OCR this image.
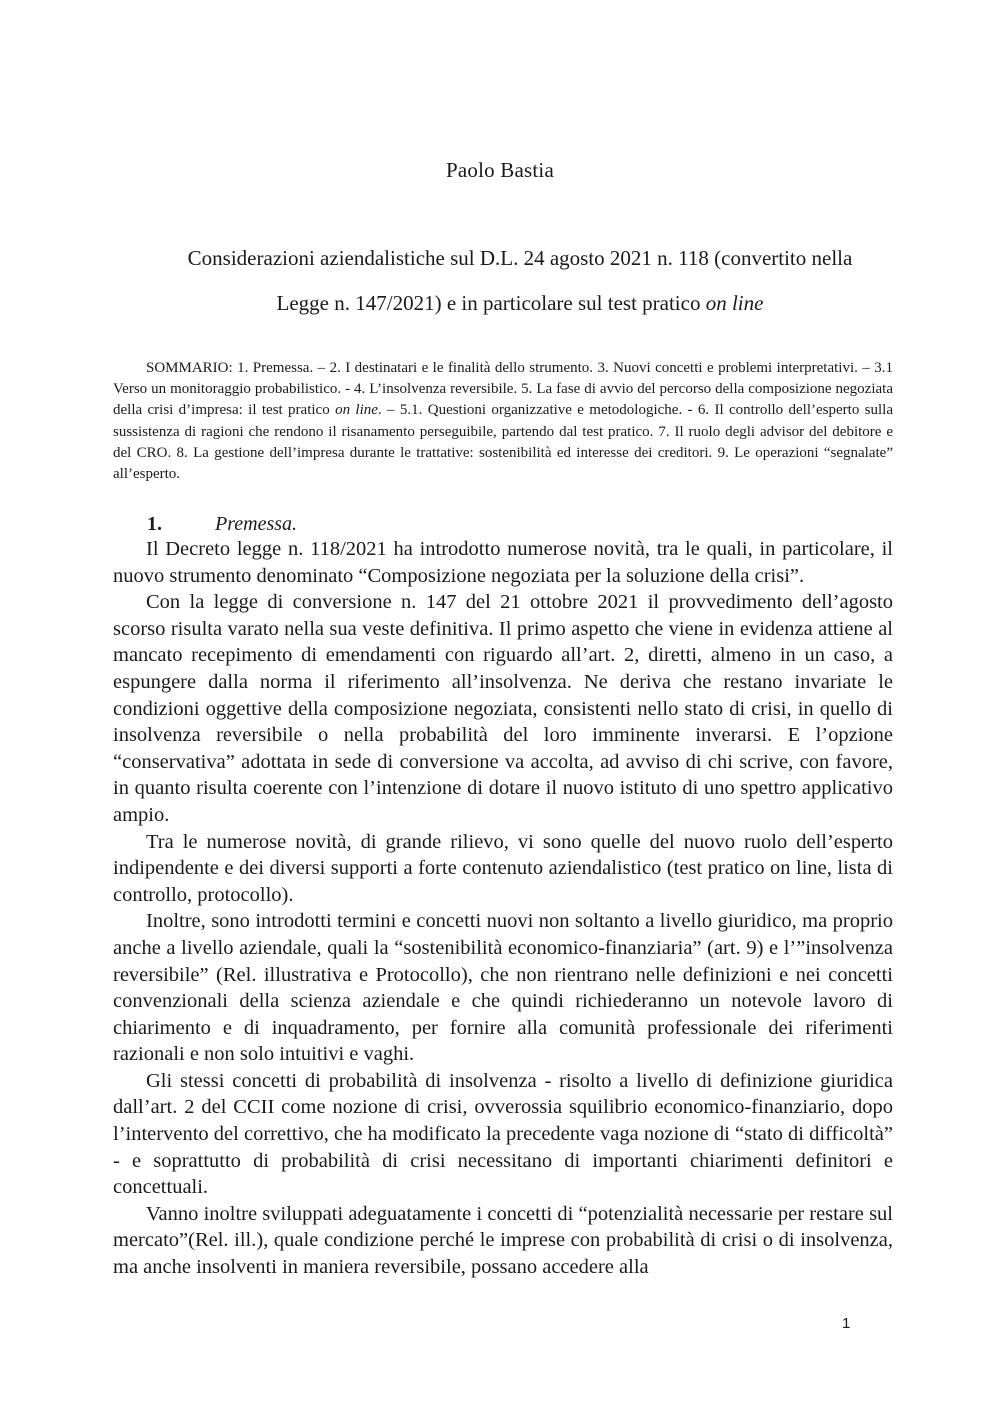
Paolo Bastia
Considerazioni aziendalistiche sul D.L. 24 agosto 2021 n. 118 (convertito nella
Legge n. 147/2021) e in particolare sul test pratico on line
SOMMARIO: 1. Premessa. – 2. I destinatari e le finalità dello strumento. 3. Nuovi concetti e problemi interpretativi. – 3.1 Verso un monitoraggio probabilistico. - 4. L’insolvenza reversibile. 5. La fase di avvio del percorso della composizione negoziata della crisi d’impresa: il test pratico on line. – 5.1. Questioni organizzative e metodologiche. - 6. Il controllo dell’esperto sulla sussistenza di ragioni che rendono il risanamento perseguibile, partendo dal test pratico. 7. Il ruolo degli advisor del debitore e del CRO. 8. La gestione dell’impresa durante le trattative: sostenibilità ed interesse dei creditori. 9. Le operazioni “segnalate” all’esperto.
1.	Premessa.

Il Decreto legge n. 118/2021 ha introdotto numerose novità, tra le quali, in particolare, il nuovo strumento denominato “Composizione negoziata per la soluzione della crisi”.

Con la legge di conversione n. 147 del 21 ottobre 2021 il provvedimento dell’agosto scorso risulta varato nella sua veste definitiva. Il primo aspetto che viene in evidenza attiene al mancato recepimento di emendamenti con riguardo all’art. 2, diretti, almeno in un caso, a espungere dalla norma il riferimento all’insolvenza. Ne deriva che restano invariate le condizioni oggettive della composizione negoziata, consistenti nello stato di crisi, in quello di insolvenza reversibile o nella probabilità del loro imminente inverarsi. E l’opzione “conservativa” adottata in sede di conversione va accolta, ad avviso di chi scrive, con favore, in quanto risulta coerente con l’intenzione di dotare il nuovo istituto di uno spettro applicativo ampio.

Tra le numerose novità, di grande rilievo, vi sono quelle del nuovo ruolo dell’esperto indipendente e dei diversi supporti a forte contenuto aziendalistico (test pratico on line, lista di controllo, protocollo).

Inoltre, sono introdotti termini e concetti nuovi non soltanto a livello giuridico, ma proprio anche a livello aziendale, quali la “sostenibilità economico-finanziaria” (art. 9) e l’”insolvenza reversibile” (Rel. illustrativa e Protocollo), che non rientrano nelle definizioni e nei concetti convenzionali della scienza aziendale e che quindi richiederanno un notevole lavoro di chiarimento e di inquadramento, per fornire alla comunità professionale dei riferimenti razionali e non solo intuitivi e vaghi.

Gli stessi concetti di probabilità di insolvenza - risolto a livello di definizione giuridica dall’art. 2 del CCII come nozione di crisi, ovverossia squilibrio economico-finanziario, dopo l’intervento del correttivo, che ha modificato la precedente vaga nozione di “stato di difficoltà” - e soprattutto di probabilità di crisi necessitano di importanti chiarimenti definitori e concettuali.

Vanno inoltre sviluppati adeguatamente i concetti di “potenzialità necessarie per restare sul mercato”(Rel. ill.), quale condizione perché le imprese con probabilità di crisi o di insolvenza, ma anche insolventi in maniera reversibile, possano accedere alla

1
